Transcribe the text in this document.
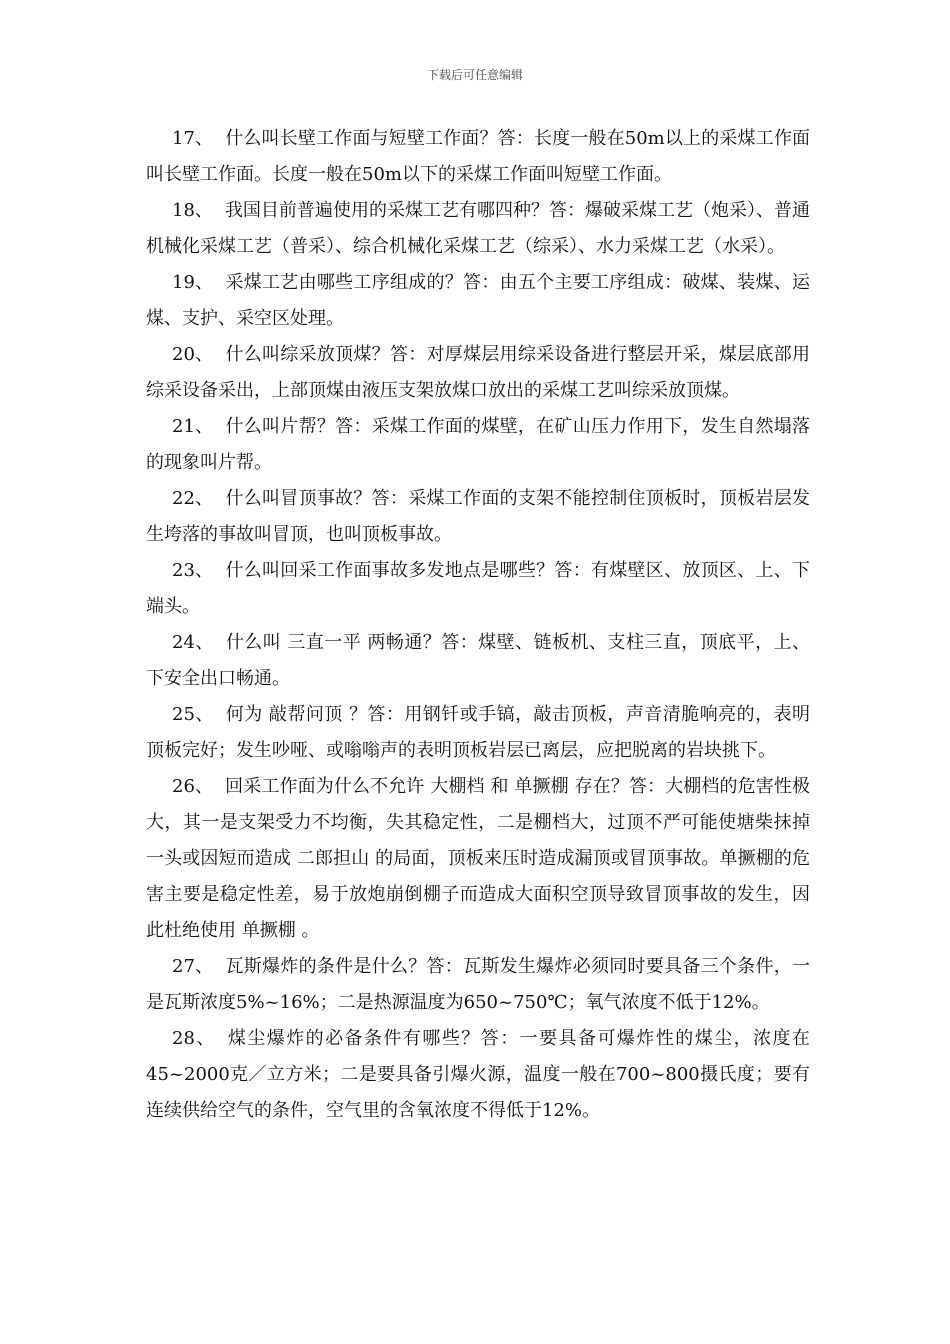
下载后可任意编辑

17、 什么叫长壁工作面与短壁工作面？答：长度一般在50m以上的采煤工作面叫长壁工作面。长度一般在50m以下的采煤工作面叫短壁工作面。

18、 我国目前普遍使用的采煤工艺有哪四种？答：爆破采煤工艺（炮采）、普通机械化采煤工艺（普采）、综合机械化采煤工艺（综采）、水力采煤工艺（水采）。

19、 采煤工艺由哪些工序组成的？答：由五个主要工序组成：破煤、装煤、运煤、支护、采空区处理。

20、 什么叫综采放顶煤？答：对厚煤层用综采设备进行整层开采，煤层底部用综采设备采出，上部顶煤由液压支架放煤口放出的采煤工艺叫综采放顶煤。

21、 什么叫片帮？答：采煤工作面的煤壁，在矿山压力作用下，发生自然塌落的现象叫片帮。

22、 什么叫冒顶事故？答：采煤工作面的支架不能控制住顶板时，顶板岩层发生垮落的事故叫冒顶，也叫顶板事故。

23、 什么叫回采工作面事故多发地点是哪些？答：有煤壁区、放顶区、上、下端头。

24、 什么叫 三直一平 两畅通？答：煤壁、链板机、支柱三直，顶底平，上、下安全出口畅通。

25、 何为 敲帮问顶 ？答：用钢钎或手镐，敲击顶板，声音清脆响亮的，表明顶板完好；发生吵哑、或嗡嗡声的表明顶板岩层已离层，应把脱离的岩块挑下。

26、 回采工作面为什么不允许 大棚档 和 单撅棚 存在？答：大棚档的危害性极大，其一是支架受力不均衡，失其稳定性，二是棚档大，过顶不严可能使塘柴抹掉一头或因短而造成 二郎担山 的局面，顶板来压时造成漏顶或冒顶事故。单撅棚的危害主要是稳定性差，易于放炮崩倒棚子而造成大面积空顶导致冒顶事故的发生，因此杜绝使用 单撅棚 。

27、 瓦斯爆炸的条件是什么？答：瓦斯发生爆炸必须同时要具备三个条件，一是瓦斯浓度5%~16%；二是热源温度为650~750℃；氧气浓度不低于12%。

28、 煤尘爆炸的必备条件有哪些？答：一要具备可爆炸性的煤尘，浓度在45~2000克／立方米；二是要具备引爆火源，温度一般在700~800摄氏度；要有连续供给空气的条件，空气里的含氧浓度不得低于12%。
